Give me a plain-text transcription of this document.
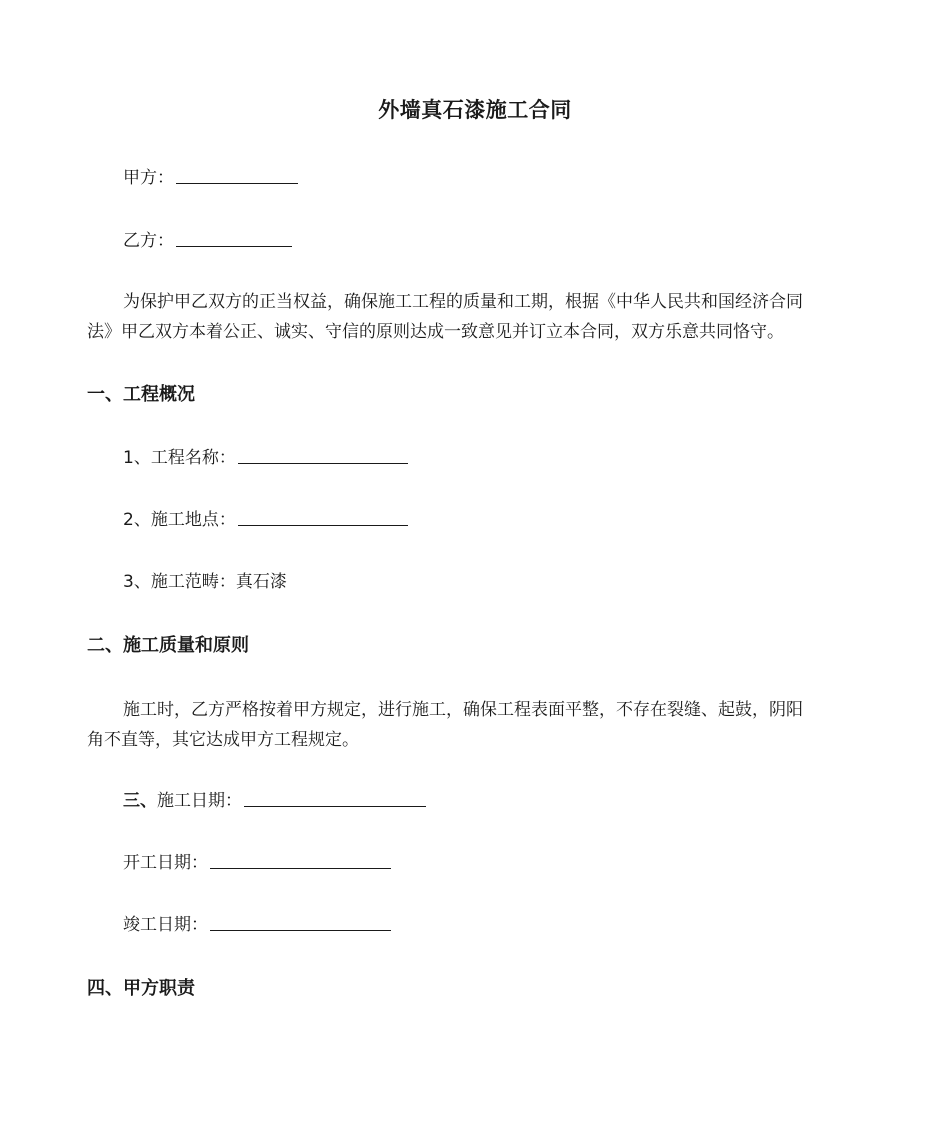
外墙真石漆施工合同
甲方：
乙方：
为保护甲乙双方的正当权益，确保施工工程的质量和工期，根据《中华人民共和国经济合同
法》甲乙双方本着公正、诚实、守信的原则达成一致意见并订立本合同，双方乐意共同恪守。
一、工程概况
1、工程名称：
2、施工地点：
3、施工范畴：真石漆
二、施工质量和原则
施工时，乙方严格按着甲方规定，进行施工，确保工程表面平整，不存在裂缝、起鼓，阴阳
角不直等，其它达成甲方工程规定。
三、施工日期：
开工日期：
竣工日期：
四、甲方职责
